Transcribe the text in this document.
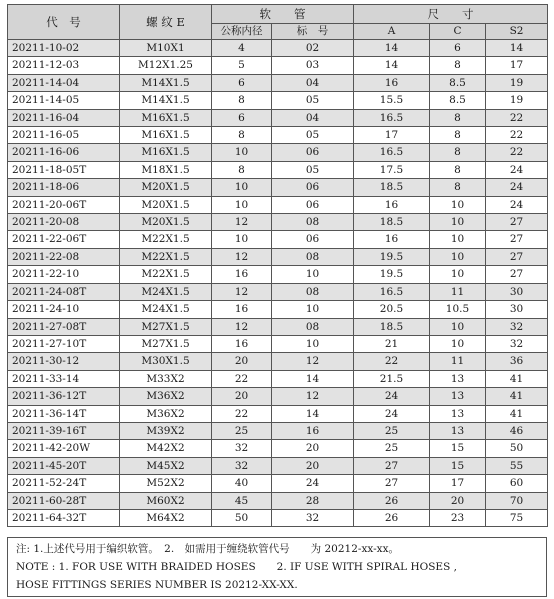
代　号	螺 纹 E	软　　管		尺　　寸		
		公称内径	标　号	A	C	S2
20211-10-02	M10X1	4	02	14	6	14
20211-12-03	M12X1.25	5	03	14	8	17
20211-14-04	M14X1.5	6	04	16	8.5	19
20211-14-05	M14X1.5	8	05	15.5	8.5	19
20211-16-04	M16X1.5	6	04	16.5	8	22
20211-16-05	M16X1.5	8	05	17	8	22
20211-16-06	M16X1.5	10	06	16.5	8	22
20211-18-05T	M18X1.5	8	05	17.5	8	24
20211-18-06	M20X1.5	10	06	18.5	8	24
20211-20-06T	M20X1.5	10	06	16	10	24
20211-20-08	M20X1.5	12	08	18.5	10	27
20211-22-06T	M22X1.5	10	06	16	10	27
20211-22-08	M22X1.5	12	08	19.5	10	27
20211-22-10	M22X1.5	16	10	19.5	10	27
20211-24-08T	M24X1.5	12	08	16.5	11	30
20211-24-10	M24X1.5	16	10	20.5	10.5	30
20211-27-08T	M27X1.5	12	08	18.5	10	32
20211-27-10T	M27X1.5	16	10	21	10	32
20211-30-12	M30X1.5	20	12	22	11	36
20211-33-14	M33X2	22	14	21.5	13	41
20211-36-12T	M36X2	20	12	24	13	41
20211-36-14T	M36X2	22	14	24	13	41
20211-39-16T	M39X2	25	16	25	13	46
20211-42-20W	M42X2	32	20	25	15	50
20211-45-20T	M45X2	32	20	27	15	55
20211-52-24T	M52X2	40	24	27	17	60
20211-60-28T	M60X2	45	28	26	20	70
20211-64-32T	M64X2	50	32	26	23	75
注: 1.上述代号用于编织软管。　2.　如需用于缠绕软管代号　　为 20212-xx-xx。
NOTE : 1. FOR USE WITH BRAIDED HOSES　　2. IF USE WITH SPIRAL HOSES ,
HOSE FITTINGS SERIES NUMBER IS 20212-XX-XX.
